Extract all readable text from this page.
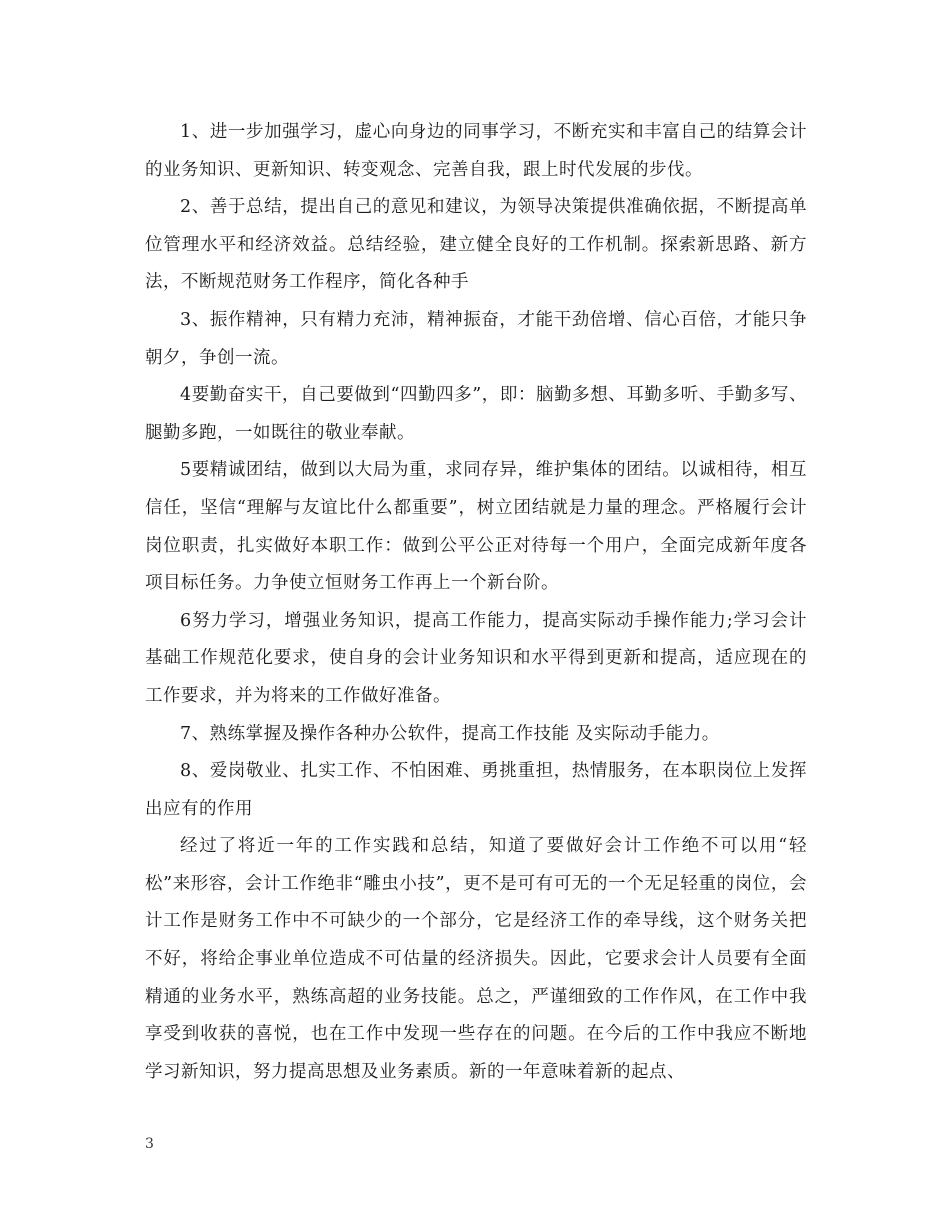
1、进一步加强学习，虚心向身边的同事学习，不断充实和丰富自己的结算会计的业务知识、更新知识、转变观念、完善自我，跟上时代发展的步伐。

2、善于总结，提出自己的意见和建议，为领导决策提供准确依据，不断提高单位管理水平和经济效益。总结经验，建立健全良好的工作机制。探索新思路、新方法，不断规范财务工作程序，简化各种手

3、振作精神，只有精力充沛，精神振奋，才能干劲倍增、信心百倍，才能只争朝夕，争创一流。

4要勤奋实干，自己要做到“四勤四多”，即：脑勤多想、耳勤多听、手勤多写、腿勤多跑，一如既往的敬业奉献。

5要精诚团结，做到以大局为重，求同存异，维护集体的团结。以诚相待，相互信任，坚信“理解与友谊比什么都重要”，树立团结就是力量的理念。严格履行会计岗位职责，扎实做好本职工作：做到公平公正对待每一个用户，全面完成新年度各项目标任务。力争使立恒财务工作再上一个新台阶。

6努力学习，增强业务知识，提高工作能力，提高实际动手操作能力;学习会计基础工作规范化要求，使自身的会计业务知识和水平得到更新和提高，适应现在的工作要求，并为将来的工作做好准备。

7、熟练掌握及操作各种办公软件，提高工作技能 及实际动手能力。

8、爱岗敬业、扎实工作、不怕困难、勇挑重担，热情服务，在本职岗位上发挥出应有的作用

经过了将近一年的工作实践和总结，知道了要做好会计工作绝不可以用“轻松”来形容，会计工作绝非“雕虫小技”，更不是可有可无的一个无足轻重的岗位，会计工作是财务工作中不可缺少的一个部分，它是经济工作的牵导线，这个财务关把不好，将给企事业单位造成不可估量的经济损失。因此，它要求会计人员要有全面精通的业务水平，熟练高超的业务技能。总之，严谨细致的工作作风，在工作中我享受到收获的喜悦，也在工作中发现一些存在的问题。在今后的工作中我应不断地学习新知识，努力提高思想及业务素质。新的一年意味着新的起点、

3
